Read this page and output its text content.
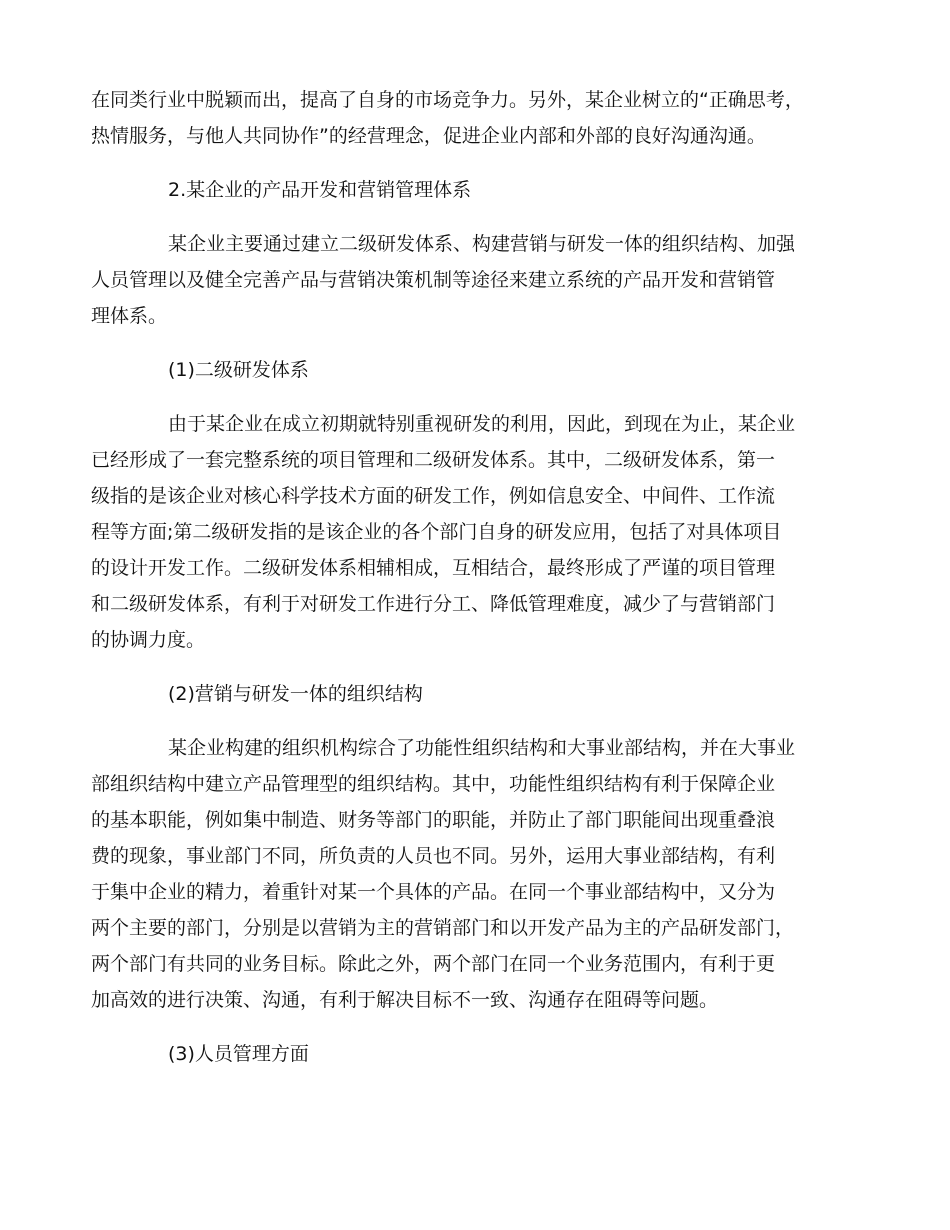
在同类行业中脱颖而出，提高了自身的市场竞争力。另外，某企业树立的“正确思考，
热情服务，与他人共同协作”的经营理念，促进企业内部和外部的良好沟通沟通。
2.某企业的产品开发和营销管理体系
某企业主要通过建立二级研发体系、构建营销与研发一体的组织结构、加强
人员管理以及健全完善产品与营销决策机制等途径来建立系统的产品开发和营销管
理体系。
(1)二级研发体系
由于某企业在成立初期就特别重视研发的利用，因此，到现在为止，某企业
已经形成了一套完整系统的项目管理和二级研发体系。其中，二级研发体系，第一
级指的是该企业对核心科学技术方面的研发工作，例如信息安全、中间件、工作流
程等方面;第二级研发指的是该企业的各个部门自身的研发应用，包括了对具体项目
的设计开发工作。二级研发体系相辅相成，互相结合，最终形成了严谨的项目管理
和二级研发体系，有利于对研发工作进行分工、降低管理难度，减少了与营销部门
的协调力度。
(2)营销与研发一体的组织结构
某企业构建的组织机构综合了功能性组织结构和大事业部结构，并在大事业
部组织结构中建立产品管理型的组织结构。其中，功能性组织结构有利于保障企业
的基本职能，例如集中制造、财务等部门的职能，并防止了部门职能间出现重叠浪
费的现象，事业部门不同，所负责的人员也不同。另外，运用大事业部结构，有利
于集中企业的精力，着重针对某一个具体的产品。在同一个事业部结构中，又分为
两个主要的部门，分别是以营销为主的营销部门和以开发产品为主的产品研发部门，
两个部门有共同的业务目标。除此之外，两个部门在同一个业务范围内，有利于更
加高效的进行决策、沟通，有利于解决目标不一致、沟通存在阻碍等问题。
(3)人员管理方面
